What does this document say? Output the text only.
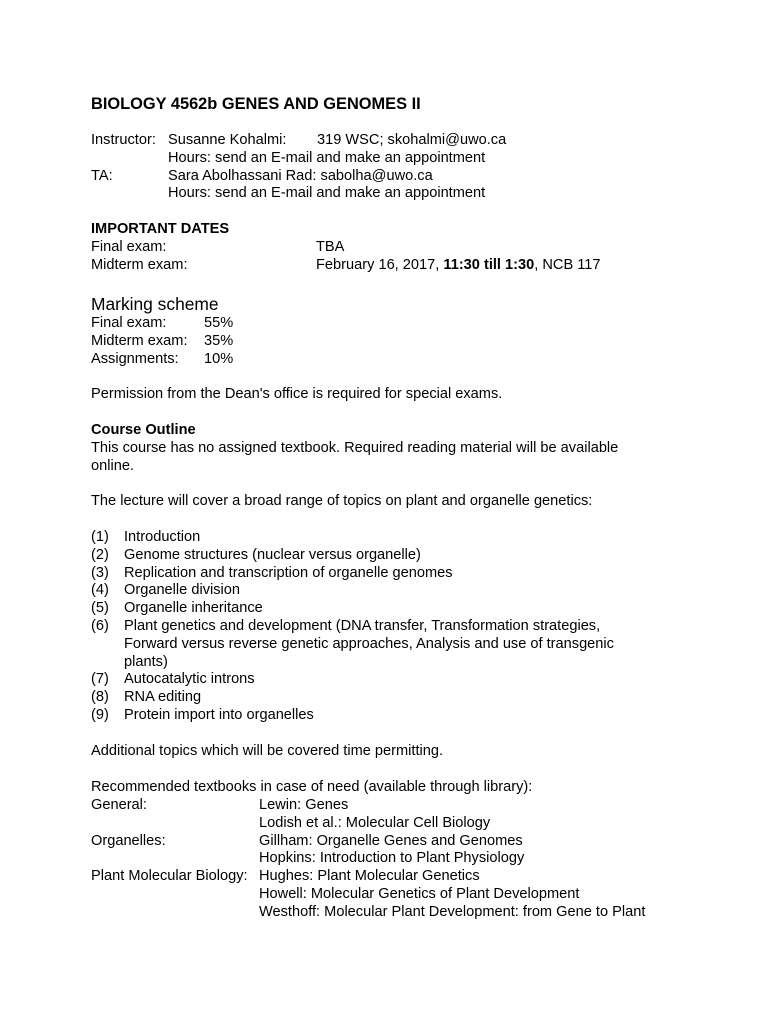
BIOLOGY 4562b GENES AND GENOMES II
Instructor: Susanne Kohalmi: 319 WSC; skohalmi@uwo.ca
Hours: send an E-mail and make an appointment
TA:	Sara Abolhassani Rad: sabolha@uwo.ca
Hours: send an E-mail and make an appointment
IMPORTANT DATES
Final exam:	TBA
Midterm exam:	February 16, 2017, 11:30 till 1:30, NCB 117
Marking scheme
Final exam:	55%
Midterm exam: 35%
Assignments: 10%
Permission from the Dean's office is required for special exams.
Course Outline
This course has no assigned textbook. Required reading material will be available online.
The lecture will cover a broad range of topics on plant and organelle genetics:
(1) Introduction
(2) Genome structures (nuclear versus organelle)
(3) Replication and transcription of organelle genomes
(4) Organelle division
(5) Organelle inheritance
(6) Plant genetics and development (DNA transfer, Transformation strategies, Forward versus reverse genetic approaches, Analysis and use of transgenic plants)
(7) Autocatalytic introns
(8) RNA editing
(9) Protein import into organelles
Additional topics which will be covered time permitting.
Recommended textbooks in case of need (available through library):
General:	Lewin: Genes
Lodish et al.: Molecular Cell Biology
Organelles:	Gillham: Organelle Genes and Genomes
Hopkins: Introduction to Plant Physiology
Plant Molecular Biology: Hughes: Plant Molecular Genetics
Howell: Molecular Genetics of Plant Development
Westhoff: Molecular Plant Development: from Gene to Plant
